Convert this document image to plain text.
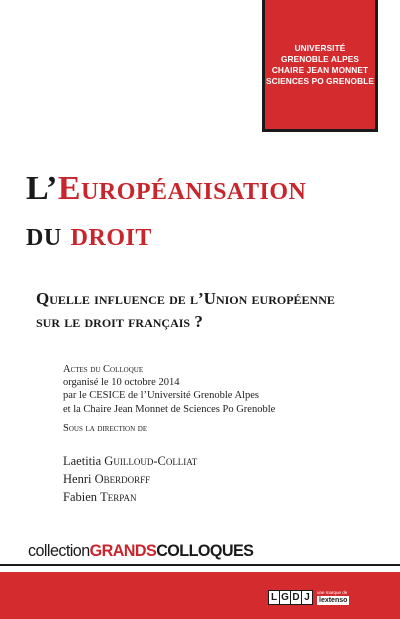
UNIVERSITÉ
GRENOBLE ALPES
CHAIRE JEAN MONNET
SCIENCES PO GRENOBLE
L’Européanisation
du droit
Quelle influence de l’Union européenne
sur le droit français ?
Actes du Colloque
organisé le 10 octobre 2014
par le CESICE de l’Université Grenoble Alpes
et la Chaire Jean Monnet de Sciences Po Grenoble
Sous la direction de
Laetitia Guilloud-Colliat
Henri Oberdorff
Fabien Terpan
collectionGRANDSCOLLOQUES
L G D J	une marque de
lextenso
